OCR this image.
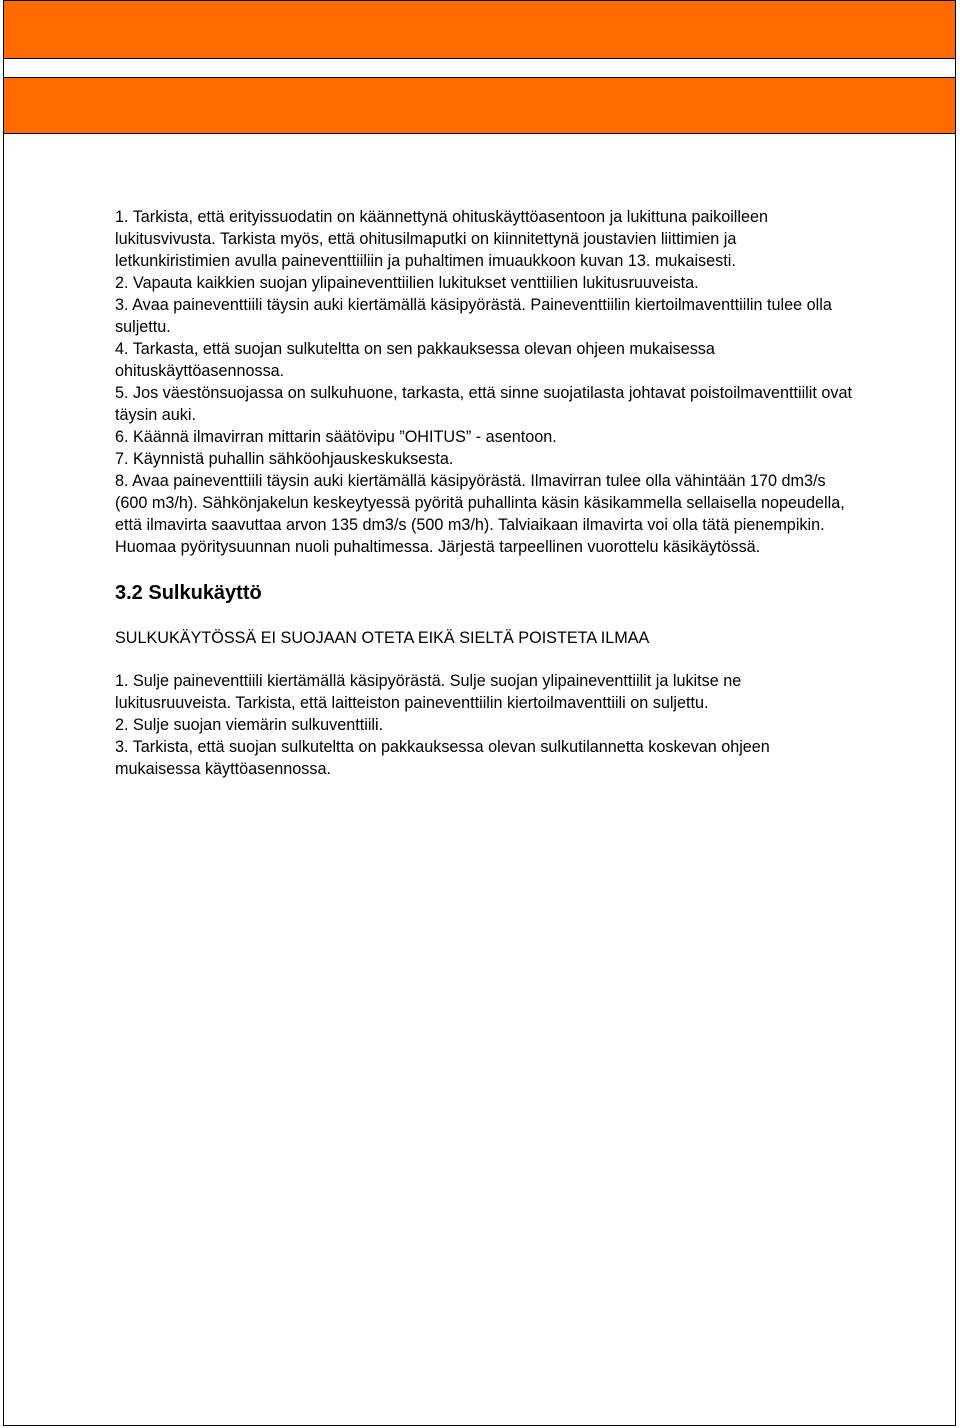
1. Tarkista, että erityissuodatin on käännettynä ohituskäyttöasentoon ja lukittuna paikoilleen lukitusvivusta. Tarkista myös, että ohitusilmaputki on kiinnitettynä joustavien liittimien ja letkunkiristimien avulla paineventtiiliin ja puhaltimen imuaukkoon kuvan 13. mukaisesti.

2. Vapauta kaikkien suojan ylipaineventtiilien lukitukset venttiilien lukitusruuveista.

3. Avaa paineventtiili täysin auki kiertämällä käsipyörästä. Paineventtiilin kiertoilmaventtiilin tulee olla suljettu.

4. Tarkasta, että suojan sulkuteltta on sen pakkauksessa olevan ohjeen mukaisessa ohituskäyttöasennossa.

5. Jos väestönsuojassa on sulkuhuone, tarkasta, että sinne suojatilasta johtavat poistoilmaventtiilit ovat täysin auki.

6. Käännä ilmavirran mittarin säätövipu ”OHITUS” - asentoon.

7. Käynnistä puhallin sähköohjauskeskuksesta.

8. Avaa paineventtiili täysin auki kiertämällä käsipyörästä. Ilmavirran tulee olla vähintään 170 dm3/s (600 m3/h). Sähkönjakelun keskeytyessä pyöritä puhallinta käsin käsikammella sellaisella nopeudella, että ilmavirta saavuttaa arvon 135 dm3/s (500 m3/h). Talviaikaan ilmavirta voi olla tätä pienempikin. Huomaa pyöritysuunnan nuoli puhaltimessa. Järjestä tarpeellinen vuorottelu käsikäytössä.

3.2 Sulkukäyttö

SULKUKÄYTÖSSÄ EI SUOJAAN OTETA EIKÄ SIELTÄ POISTETA ILMAA

1. Sulje paineventtiili kiertämällä käsipyörästä. Sulje suojan ylipaineventtiilit ja lukitse ne lukitusruuveista. Tarkista, että laitteiston paineventtiilin kiertoilmaventtiili on suljettu.

2. Sulje suojan viemärin sulkuventtiili.

3. Tarkista, että suojan sulkuteltta on pakkauksessa olevan sulkutilannetta koskevan ohjeen mukaisessa käyttöasennossa.
